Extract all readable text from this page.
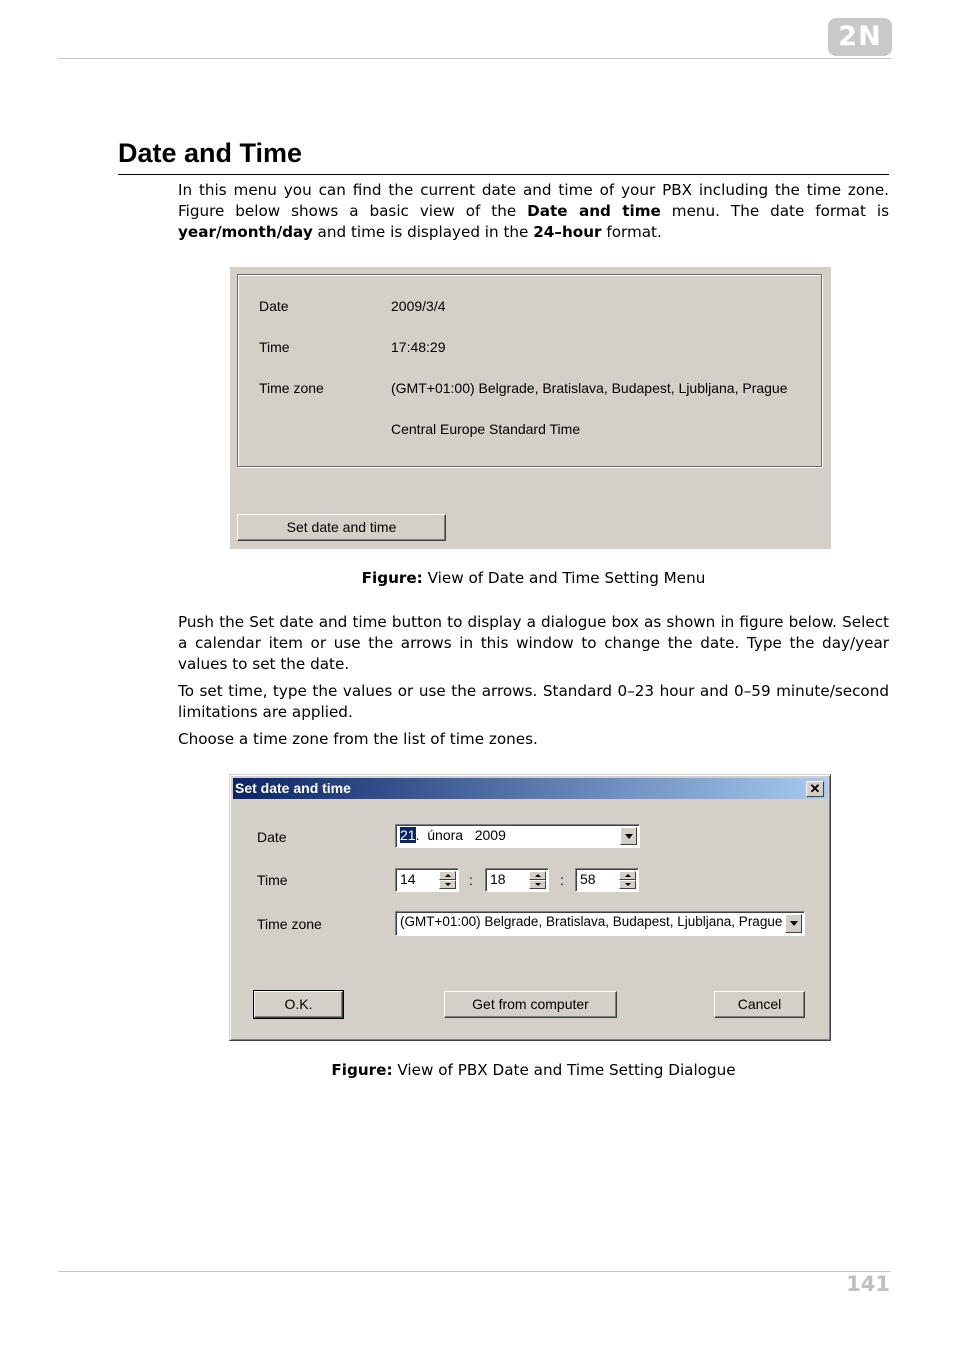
2N
Date and Time

In this menu you can find the current date and time of your PBX including the time zone. Figure below shows a basic view of the Date and time menu. The date format is year/month/day and time is displayed in the 24–hour format.

Date	2009/3/4
Time	17:48:29
Time zone	(GMT+01:00) Belgrade, Bratislava, Budapest, Ljubljana, Prague
Central Europe Standard Time
Set date and time
Figure: View of Date and Time Setting Menu

Push the Set date and time button to display a dialogue box as shown in figure below. Select a calendar item or use the arrows in this window to change the date. Type the day/year values to set the date.

To set time, type the values or use the arrows. Standard 0–23 hour and 0–59 minute/second limitations are applied.

Choose a time zone from the list of time zones.

Set date and time	✕
Date	21.  února   2009
Time	14	: 18	: 58
Time zone	(GMT+01:00) Belgrade, Bratislava, Budapest, Ljubljana, Prague
O.K.	Get from computer	Cancel
Figure: View of PBX Date and Time Setting Dialogue
141
